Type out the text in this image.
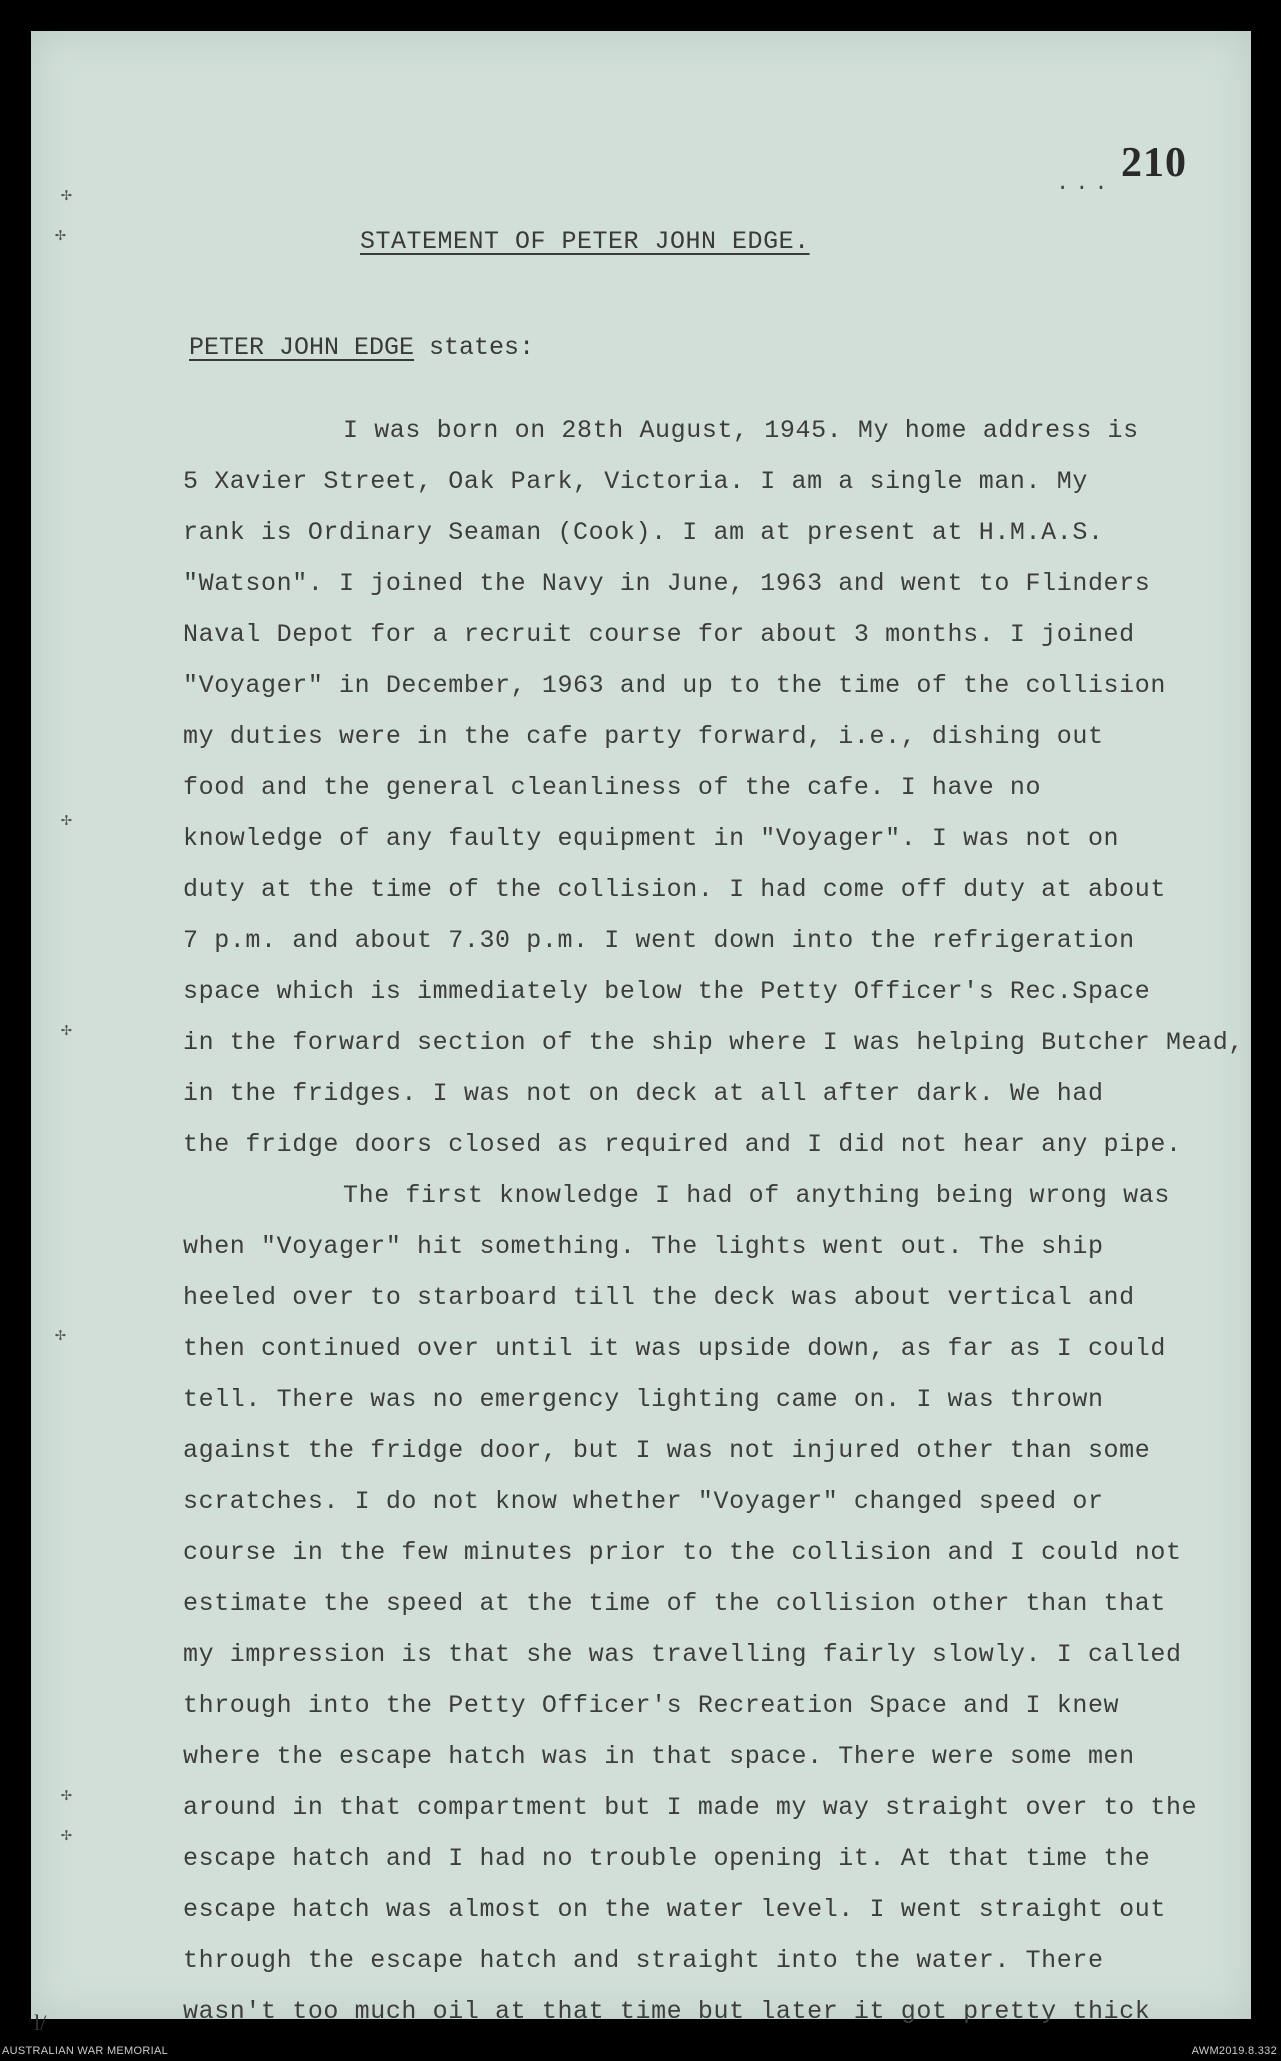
... 210
STATEMENT OF PETER JOHN EDGE.
PETER JOHN EDGE states:
I was born on 28th August, 1945. My home address is
5 Xavier Street, Oak Park, Victoria. I am a single man. My
rank is Ordinary Seaman (Cook). I am at present at H.M.A.S.
"Watson". I joined the Navy in June, 1963 and went to Flinders
Naval Depot for a recruit course for about 3 months. I joined
"Voyager" in December, 1963 and up to the time of the collision
my duties were in the cafe party forward, i.e., dishing out
food and the general cleanliness of the cafe. I have no
knowledge of any faulty equipment in "Voyager". I was not on
duty at the time of the collision. I had come off duty at about
7 p.m. and about 7.30 p.m. I went down into the refrigeration
space which is immediately below the Petty Officer's Rec.Space
in the forward section of the ship where I was helping Butcher Mead,
in the fridges. I was not on deck at all after dark. We had
the fridge doors closed as required and I did not hear any pipe.
The first knowledge I had of anything being wrong was
when "Voyager" hit something. The lights went out. The ship
heeled over to starboard till the deck was about vertical and
then continued over until it was upside down, as far as I could
tell. There was no emergency lighting came on. I was thrown
against the fridge door, but I was not injured other than some
scratches. I do not know whether "Voyager" changed speed or
course in the few minutes prior to the collision and I could not
estimate the speed at the time of the collision other than that
my impression is that she was travelling fairly slowly. I called
through into the Petty Officer's Recreation Space and I knew
where the escape hatch was in that space. There were some men
around in that compartment but I made my way straight over to the
escape hatch and I had no trouble opening it. At that time the
escape hatch was almost on the water level. I went straight out
through the escape hatch and straight into the water. There
wasn't too much oil at that time but later it got pretty thick
✢
✢
✢
✢
✢
✢
✢
l/
AUSTRALIAN WAR MEMORIAL	AWM2019.8.332
